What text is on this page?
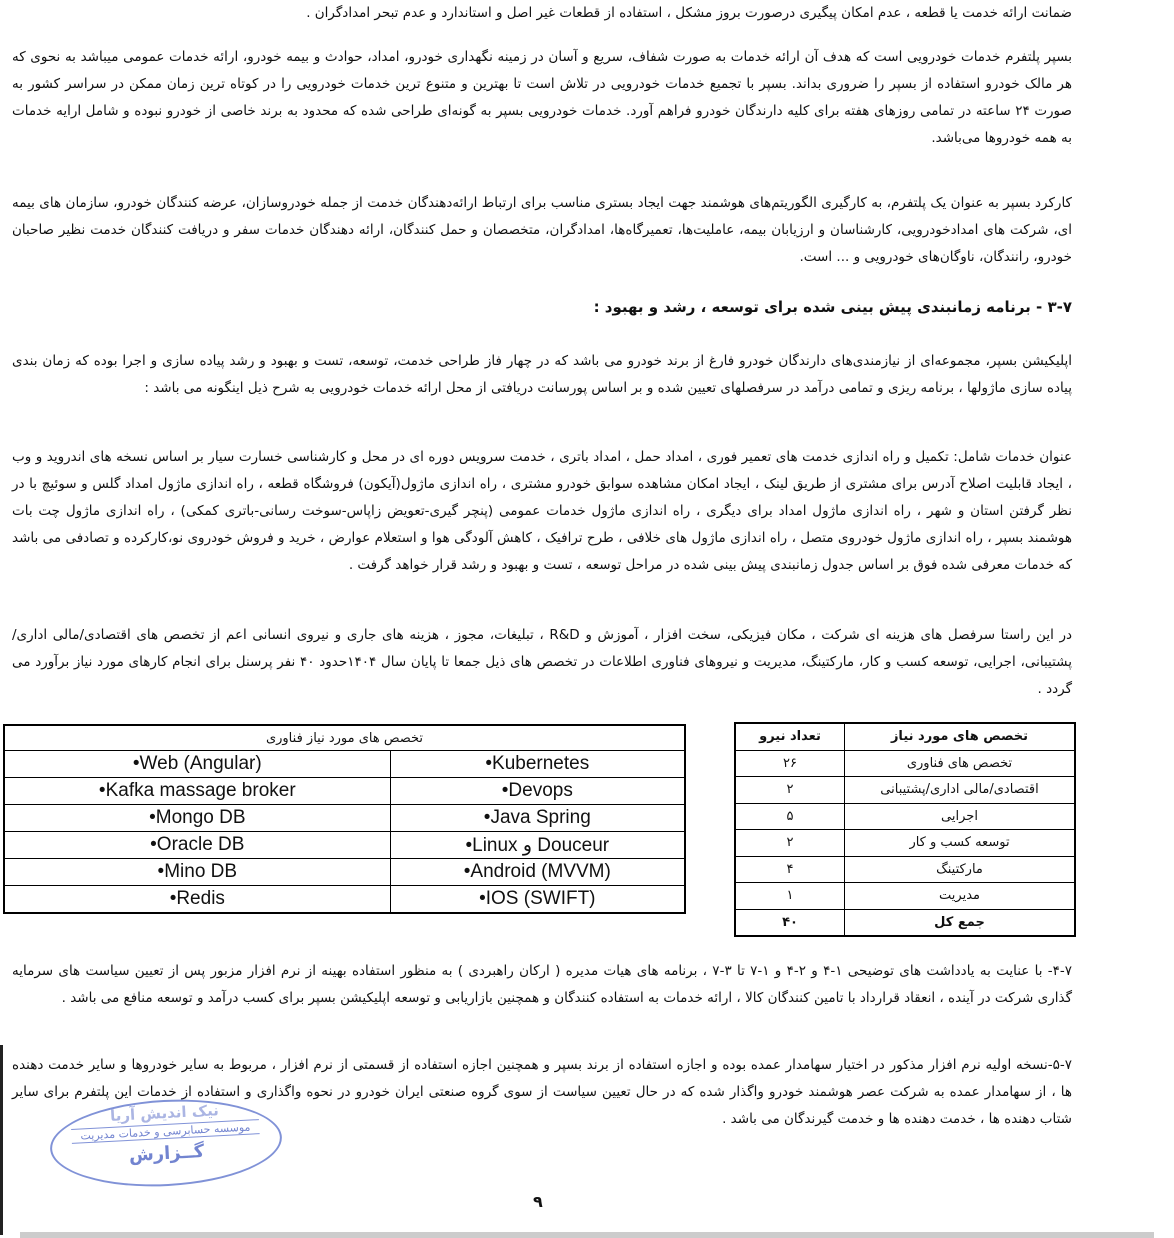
ضمانت ارائه خدمت یا قطعه ، عدم امکان پیگیری درصورت بروز مشکل ، استفاده از قطعات غیر اصل و استاندارد و عدم تبحر امدادگران .

بسپر پلتفرم خدمات خودرویی است که هدف آن ارائه خدمات به صورت شفاف، سریع و آسان در زمینه نگهداری خودرو، امداد، حوادث و بیمه خودرو، ارائه خدمات عمومی میباشد به نحوی که هر مالک خودرو استفاده از بسپر را ضروری بداند. بسپر با تجمیع خدمات خودرویی در تلاش است تا بهترین و متنوع ترین خدمات خودرویی را در کوتاه ترین زمان ممکن در سراسر کشور به صورت ۲۴ ساعته در تمامی روزهای هفته برای کلیه دارندگان خودرو فراهم آورد. خدمات خودرویی بسپر به گونه‌ای طراحی شده که محدود به برند خاصی از خودرو نبوده و شامل ارایه خدمات به همه خودروها می‌باشد.

کارکرد بسپر به عنوان یک پلتفرم، به کارگیری الگوریتم‌های هوشمند جهت ایجاد بستری مناسب برای ارتباط ارائه‌دهندگان خدمت از جمله خودروسازان، عرضه کنندگان خودرو، سازمان های بیمه ای، شرکت های امدادخودرویی، کارشناسان و ارزیابان بیمه، عاملیت‌ها، تعمیرگاه‌ها، امدادگران، متخصصان و حمل کنندگان، ارائه دهندگان خدمات سفر و دریافت کنندگان خدمت نظیر صاحبان خودرو، رانندگان، ناوگان‌های خودرویی و ... است.

۳-۷ - برنامه زمانبندی پیش بینی شده برای توسعه ، رشد و بهبود :

اپلیکیشن بسپر، مجموعه‌ای از نیازمندی‌های دارندگان خودرو فارغ از برند خودرو می باشد که در چهار فاز طراحی خدمت، توسعه، تست و بهبود و رشد پیاده سازی و اجرا بوده که زمان بندی پیاده سازی ماژولها ، برنامه ریزی و تمامی درآمد در سرفصلهای تعیین شده و بر اساس پورسانت دریافتی از محل ارائه خدمات خودرویی به شرح ذیل اینگونه می باشد :

عنوان خدمات شامل: تکمیل و راه اندازی خدمت های تعمیر فوری ، امداد حمل ، امداد باتری ، خدمت سرویس دوره ای در محل و کارشناسی خسارت سیار بر اساس نسخه های اندروید و وب ، ایجاد قابلیت اصلاح آدرس برای مشتری از طریق لینک ، ایجاد امکان مشاهده سوابق خودرو مشتری ، راه اندازی ماژول(آیکون) فروشگاه قطعه ، راه اندازی ماژول امداد گلس و سوئیچ با در نظر گرفتن استان و شهر ، راه اندازی ماژول امداد برای دیگری ، راه اندازی ماژول خدمات عمومی (پنچر گیری-تعویض زاپاس-سوخت رسانی-باتری کمکی) ، راه اندازی ماژول چت بات هوشمند بسپر ، راه اندازی ماژول خودروی متصل ، راه اندازی ماژول های خلافی ، طرح ترافیک ، کاهش آلودگی هوا و استعلام عوارض ، خرید و فروش خودروی نو،کارکرده و تصادفی می باشد که خدمات معرفی شده فوق بر اساس جدول زمانبندی پیش بینی شده در مراحل توسعه ، تست و بهبود و رشد قرار خواهد گرفت .

در این راستا سرفصل های هزینه ای شرکت ، مکان فیزیکی، سخت افزار ، آموزش و R&D ، تبلیغات، مجوز ، هزینه های جاری و نیروی انسانی اعم از تخصص های اقتصادی/مالی اداری/پشتیبانی، اجرایی، توسعه کسب و کار، مارکتینگ، مدیریت و نیروهای فناوری اطلاعات در تخصص های ذیل جمعا تا پایان سال ۱۴۰۴حدود ۴۰ نفر پرسنل برای انجام کارهای مورد نیاز برآورد می گردد .

تخصص های مورد نیاز فناوری	
•Web (Angular)	•Kubernetes
•Kafka massage broker	•Devops
•Mongo DB	•Java Spring
•Oracle DB	•Linux و Douceur
•Mino DB	•Android (MVVM)
•Redis	•IOS (SWIFT)
تخصص های مورد نیاز	تعداد نیرو
تخصص های فناوری	۲۶
اقتصادی/مالی اداری/پشتیبانی	۲
اجرایی	۵
توسعه کسب و کار	۲
مارکتینگ	۴
مدیریت	۱
جمع کل	۴۰

۴-۷- با عنایت به یادداشت های توضیحی ۱-۴ و ۲-۴ و ۱-۷ تا ۳-۷ ، برنامه های هیات مدیره ( ارکان راهبردی ) به منظور استفاده بهینه از نرم افزار مزبور پس از تعیین سیاست های سرمایه گذاری شرکت در آینده ، انعقاد قرارداد با تامین کنندگان کالا ، ارائه خدمات به استفاده کنندگان و همچنین بازاریابی و توسعه اپلیکیشن بسپر برای کسب درآمد و توسعه منافع می باشد .

۵-۷-نسخه اولیه نرم افزار مذکور در اختیار سهامدار عمده بوده و اجازه استفاده از برند بسپر و همچنین اجازه استفاده از قسمتی از نرم افزار ، مربوط به سایر خودروها و سایر خدمت دهنده ها ، از سهامدار عمده به شرکت عصر هوشمند خودرو واگذار شده که در حال تعیین سیاست از سوی گروه صنعتی ایران خودرو در نحوه واگذاری و استفاده از خدمات این پلتفرم برای سایر شتاب دهنده ها ، خدمت دهنده ها و خدمت گیرندگان می باشد .

نیک اندیش آریا
موسسه حسابرسی و خدمات مدیریت
گــزارش
۹
